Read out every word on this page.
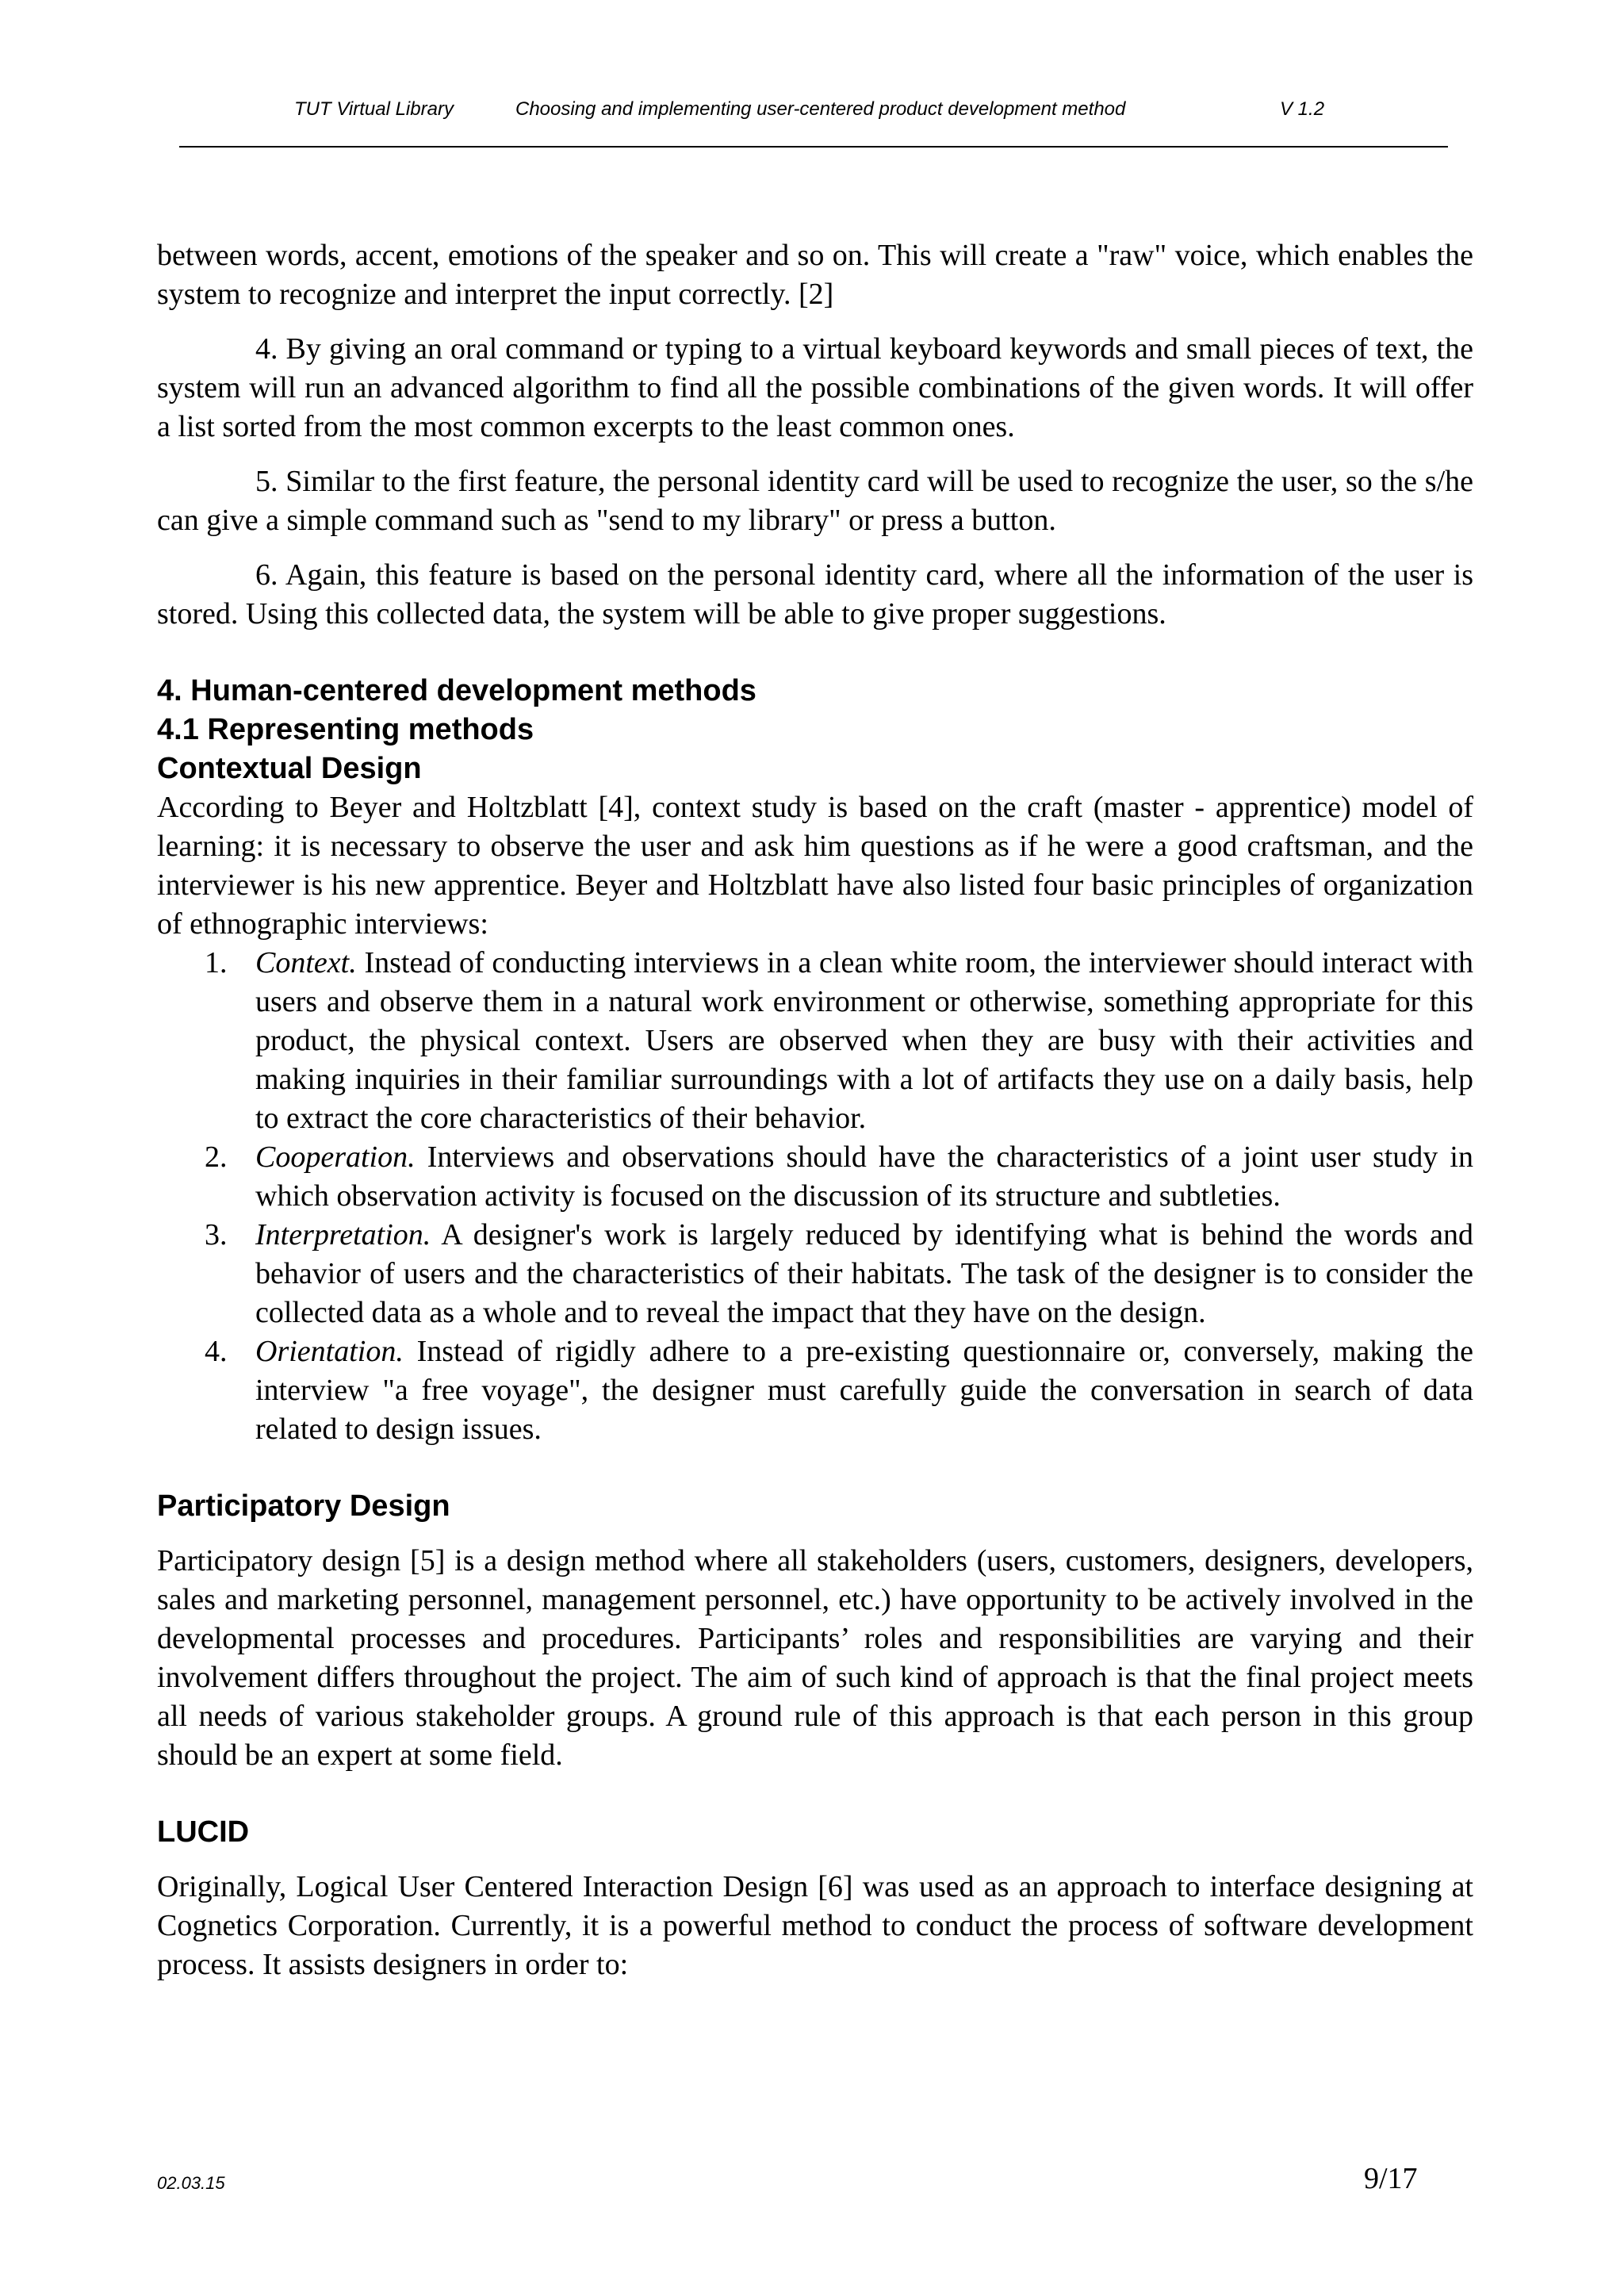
TUT Virtual Library	Choosing and implementing user-centered product development method	V 1.2

between words, accent, emotions of the speaker and so on. This will create a "raw" voice, which enables the system to recognize and interpret the input correctly. [2]

4. By giving an oral command or typing to a virtual keyboard keywords and small pieces of text, the system will run an advanced algorithm to find all the possible combinations of the given words. It will offer a list sorted from the most common excerpts to the least common ones.

5. Similar to the first feature, the personal identity card will be used to recognize the user, so the s/he can give a simple command such as "send to my library" or press a button.

6. Again, this feature is based on the personal identity card, where all the information of the user is stored. Using this collected data, the system will be able to give proper suggestions.

4. Human-centered development methods
4.1 Representing methods
Contextual Design

According to Beyer and Holtzblatt [4], context study is based on the craft (master - apprentice) model of learning: it is necessary to observe the user and ask him questions as if he were a good craftsman, and the interviewer is his new apprentice. Beyer and Holtzblatt have also listed four basic principles of organization of ethnographic interviews:

1. Context. Instead of conducting interviews in a clean white room, the interviewer should interact with users and observe them in a natural work environment or otherwise, something appropriate for this product, the physical context. Users are observed when they are busy with their activities and making inquiries in their familiar surroundings with a lot of artifacts they use on a daily basis, help to extract the core characteristics of their behavior.
2. Cooperation. Interviews and observations should have the characteristics of a joint user study in which observation activity is focused on the discussion of its structure and subtleties.
3. Interpretation. A designer's work is largely reduced by identifying what is behind the words and behavior of users and the characteristics of their habitats. The task of the designer is to consider the collected data as a whole and to reveal the impact that they have on the design.
4. Orientation. Instead of rigidly adhere to a pre-existing questionnaire or, conversely, making the interview "a free voyage", the designer must carefully guide the conversation in search of data related to design issues.
Participatory Design

Participatory design [5] is a design method where all stakeholders (users, customers, designers, developers, sales and marketing personnel, management personnel, etc.) have opportunity to be actively involved in the developmental processes and procedures. Participants’ roles and responsibilities are varying and their involvement differs throughout the project. The aim of such kind of approach is that the final project meets all needs of various stakeholder groups. A ground rule of this approach is that each person in this group should be an expert at some field.

LUCID

Originally, Logical User Centered Interaction Design [6] was used as an approach to interface designing at Cognetics Corporation. Currently, it is a powerful method to conduct the process of software development process. It assists designers in order to:

02.03.15	9/17
